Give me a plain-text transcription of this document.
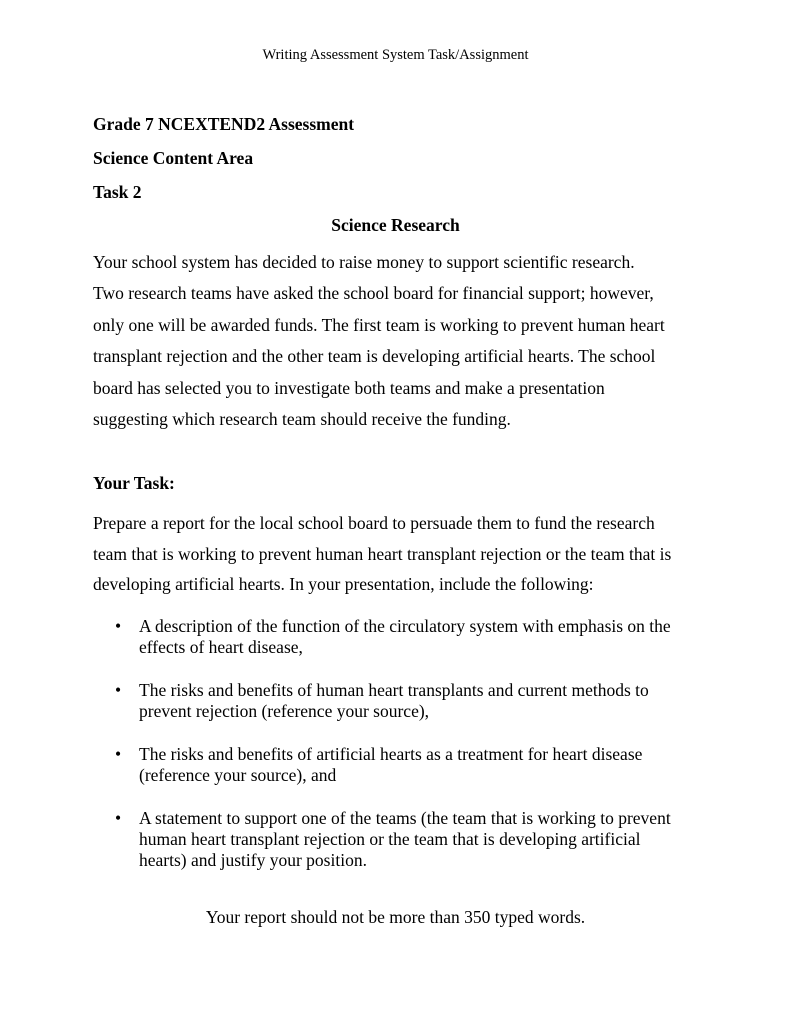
Writing Assessment System Task/Assignment

Grade 7 NCEXTEND2 Assessment

Science Content Area

Task 2

Science Research

Your school system has decided to raise money to support scientific research.
Two research teams have asked the school board for financial support; however,
only one will be awarded funds. The first team is working to prevent human heart
transplant rejection and the other team is developing artificial hearts. The school
board has selected you to investigate both teams and make a presentation
suggesting which research team should receive the funding.

Your Task:

Prepare a report for the local school board to persuade them to fund the research
team that is working to prevent human heart transplant rejection or the team that is
developing artificial hearts. In your presentation, include the following:

• A description of the function of the circulatory system with emphasis on the
effects of heart disease,
• The risks and benefits of human heart transplants and current methods to
prevent rejection (reference your source),
• The risks and benefits of artificial hearts as a treatment for heart disease
(reference your source), and
• A statement to support one of the teams (the team that is working to prevent
human heart transplant rejection or the team that is developing artificial
hearts) and justify your position.

Your report should not be more than 350 typed words.
